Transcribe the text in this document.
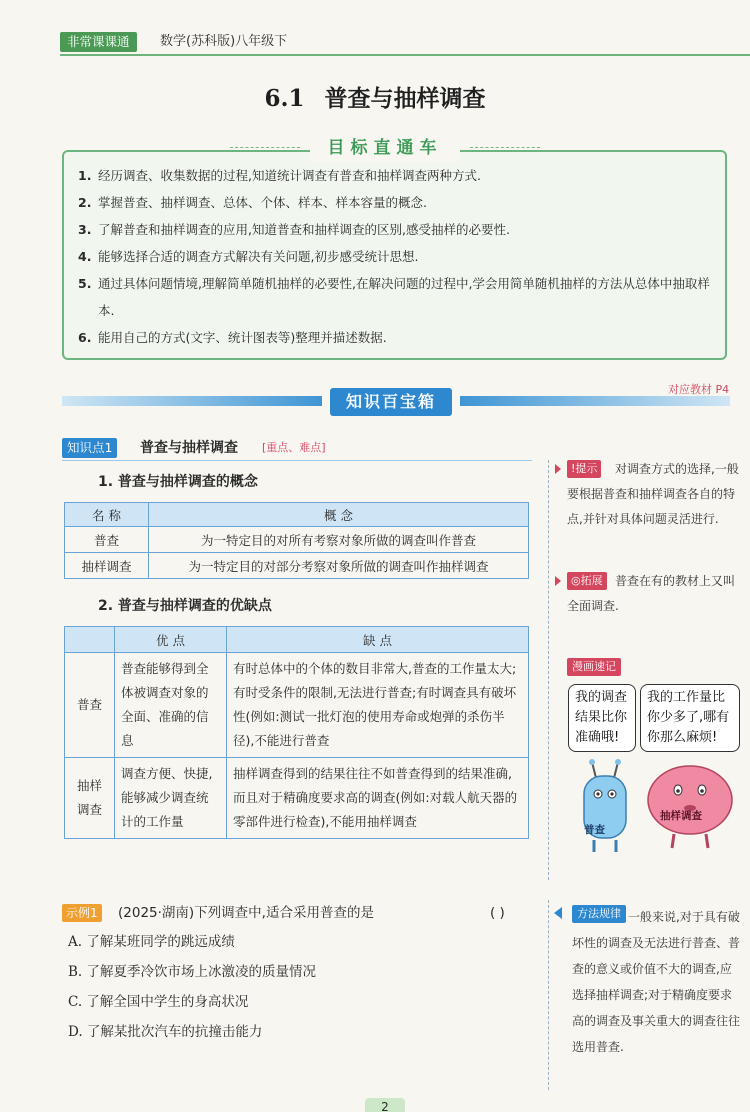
非常课课通	数学(苏科版)八年级下
6.1 普查与抽样调查
1. 经历调查、收集数据的过程,知道统计调查有普查和抽样调查两种方式.
2. 掌握普查、抽样调查、总体、个体、样本、样本容量的概念.
3. 了解普查和抽样调查的应用,知道普查和抽样调查的区别,感受抽样的必要性.
4. 能够选择合适的调查方式解决有关问题,初步感受统计思想.
5. 通过具体问题情境,理解简单随机抽样的必要性,在解决问题的过程中,学会用简单随机抽样的方法从总体中抽取样本.
6. 能用自己的方式(文字、统计图表等)整理并描述数据.
目标直通车
对应教材 P4
知识百宝箱
知识点1	普查与抽样调查 [重点、难点]
1. 普查与抽样调查的概念
名 称	概 念
普查	为一特定目的对所有考察对象所做的调查叫作普查
抽样调查	为一特定目的对部分考察对象所做的调查叫作抽样调查
2. 普查与抽样调查的优缺点
	优 点	缺 点
普查	普查能够得到全体被调查对象的全面、准确的信息	有时总体中的个体的数目非常大,普查的工作量太大;有时受条件的限制,无法进行普查;有时调查具有破坏性(例如:测试一批灯泡的使用寿命或炮弹的杀伤半径),不能进行普查
抽样调查	调查方便、快捷,能够减少调查统计的工作量	抽样调查得到的结果往往不如普查得到的结果准确,而且对于精确度要求高的调查(例如:对载人航天器的零部件进行检查),不能用抽样调查
!提示	对调查方式的选择,一般要根据普查和抽样调查各自的特点,并针对具体问题灵活进行.
◎拓展	普查在有的教材上又叫全面调查.
漫画速记
我的调查结果比你准确哦!
我的工作量比你少多了,哪有你那么麻烦!
普查
抽样调查
示例1 (2025·湖南)下列调查中,适合采用普查的是	( )
A. 了解某班同学的跳远成绩
B. 了解夏季冷饮市场上冰激凌的质量情况
C. 了解全国中学生的身高状况
D. 了解某批次汽车的抗撞击能力
一般来说,对于具有破坏性的调查及无法进行普查、普查的意义或价值不大的调查,应选择抽样调查;对于精确度要求高的调查及事关重大的调查往往选用普查.
方法规律
2
